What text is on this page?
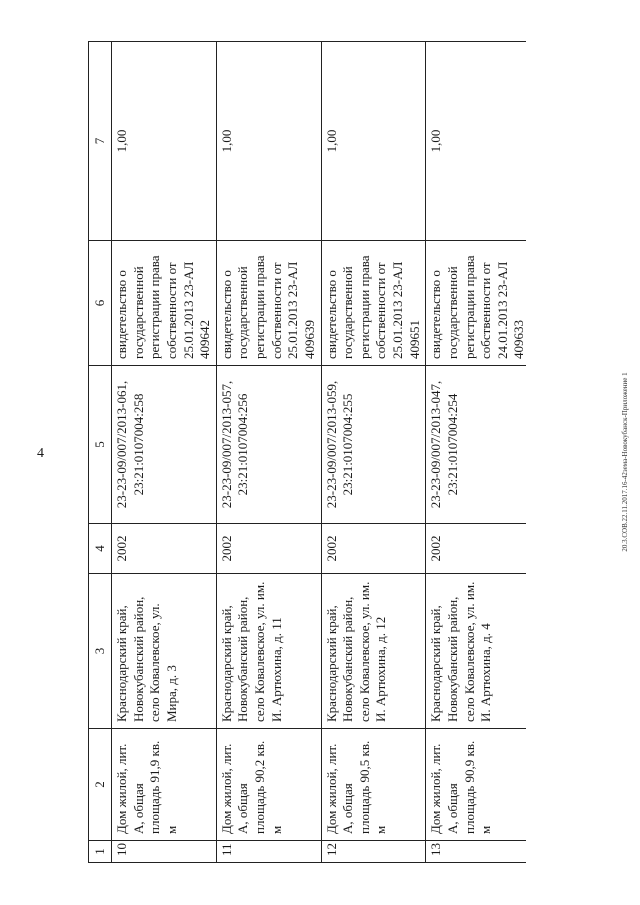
4	20.3.СОВ.22.11.2017.16-42зема-Новокубанск-Приложение 1
1	2	3	4	5	6	7
10	Дом жилой, лит. А, общая площадь 91,9 кв. м	Краснодарский край, Новокубанский район, село Ковалевское, ул. Мира, д. 3	2002	23-23-09/007/2013-061, 23:21:0107004:258	свидетельство о государственной регистрации права собственности от 25.01.2013 23-АЛ 409642	1,00
11	Дом жилой, лит. А, общая площадь 90,2 кв. м	Краснодарский край, Новокубанский район, село Ковалевское, ул. им. И. Артюхина, д. 11	2002	23-23-09/007/2013-057, 23:21:0107004:256	свидетельство о государственной регистрации права собственности от 25.01.2013 23-АЛ 409639	1,00
12	Дом жилой, лит. А, общая площадь 90,5 кв. м	Краснодарский край, Новокубанский район, село Ковалевское, ул. им. И. Артюхина, д. 12	2002	23-23-09/007/2013-059, 23:21:0107004:255	свидетельство о государственной регистрации права собственности от 25.01.2013 23-АЛ 409651	1,00
13	Дом жилой, лит. А, общая площадь 90,9 кв. м	Краснодарский край, Новокубанский район, село Ковалевское, ул. им. И. Артюхина, д. 4	2002	23-23-09/007/2013-047, 23:21:0107004:254	свидетельство о государственной регистрации права собственности от 24.01.2013 23-АЛ 409633	1,00
